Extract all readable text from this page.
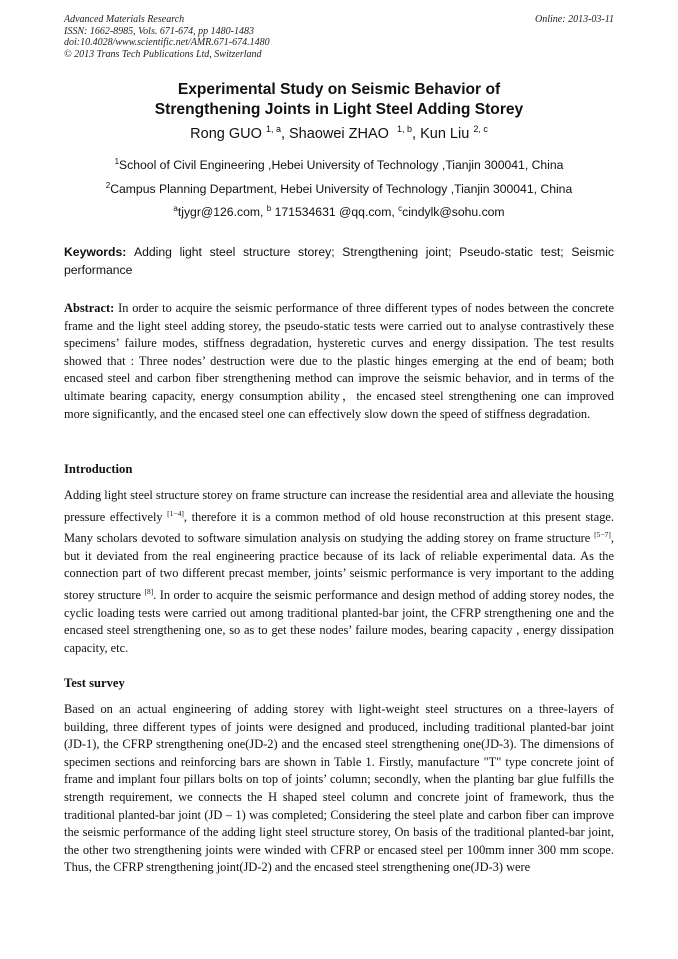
Advanced Materials Research
ISSN: 1662-8985, Vols. 671-674, pp 1480-1483
doi:10.4028/www.scientific.net/AMR.671-674.1480
© 2013 Trans Tech Publications Ltd, Switzerland
Online: 2013-03-11
Experimental Study on Seismic Behavior of
Strengthening Joints in Light Steel Adding Storey
Rong GUO $^{1, a}$, Shaowei ZHAO $^{1, b}$, Kun Liu $^{2, c}$
$^1$School of Civil Engineering ,Hebei University of Technology ,Tianjin 300041, China
$^2$Campus Planning Department, Hebei University of Technology ,Tianjin 300041, China
$^a$tjygr@126.com, $^b$ 171534631 @qq.com, $^c$cindylk@sohu.com
Keywords: Adding light steel structure storey; Strengthening joint; Pseudo-static test; Seismic performance
Abstract: In order to acquire the seismic performance of three different types of nodes between the concrete frame and the light steel adding storey, the pseudo-static tests were carried out to analyse contrastively these specimens’ failure modes, stiffness degradation, hysteretic curves and energy dissipation. The test results showed that : Three nodes’ destruction were due to the plastic hinges emerging at the end of beam; both encased steel and carbon fiber strengthening method can improve the seismic behavior, and in terms of the ultimate bearing capacity, energy consumption ability，the encased steel strengthening one can improved more significantly, and the encased steel one can effectively slow down the speed of stiffness degradation.
Introduction
Adding light steel structure storey on frame structure can increase the residential area and alleviate the housing pressure effectively [1−4], therefore it is a common method of old house reconstruction at this present stage. Many scholars devoted to software simulation analysis on studying the adding storey on frame structure [5−7], but it deviated from the real engineering practice because of its lack of reliable experimental data. As the connection part of two different precast member, joints’ seismic performance is very important to the adding storey structure [8]. In order to acquire the seismic performance and design method of adding storey nodes, the cyclic loading tests were carried out among traditional planted-bar joint, the CFRP strengthening one and the encased steel strengthening one, so as to get these nodes’ failure modes, bearing capacity , energy dissipation capacity, etc.
Test survey
Based on an actual engineering of adding storey with light-weight steel structures on a three-layers of building, three different types of joints were designed and produced, including traditional planted-bar joint (JD-1), the CFRP strengthening one(JD-2) and the encased steel strengthening one(JD-3). The dimensions of specimen sections and reinforcing bars are shown in Table 1. Firstly, manufacture "T" type concrete joint of frame and implant four pillars bolts on top of joints’ column; secondly, when the planting bar glue fulfills the strength requirement, we connects the H shaped steel column and concrete joint of framework, thus the traditional planted-bar joint (JD – 1) was completed; Considering the steel plate and carbon fiber can improve the seismic performance of the adding light steel structure storey, On basis of the traditional planted-bar joint, the other two strengthening joints were winded with CFRP or encased steel per 100mm inner 300 mm scope. Thus, the CFRP strengthening joint(JD-2) and the encased steel strengthening one(JD-3) were
